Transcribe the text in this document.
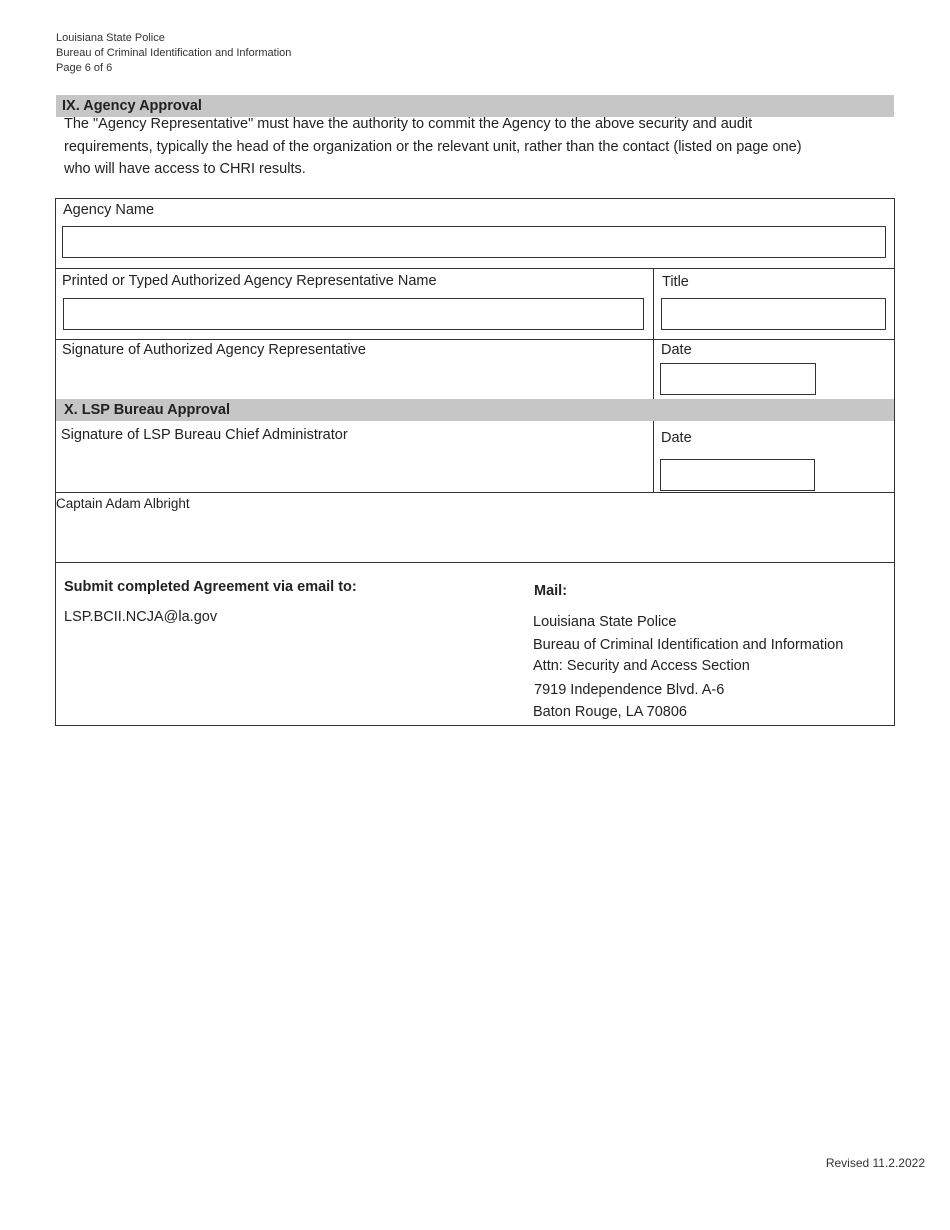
Louisiana State Police
Bureau of Criminal Identification and Information
Page 6 of 6
IX. Agency Approval
The "Agency Representative" must have the authority to commit the Agency to the above security and audit
requirements, typically the head of the organization or the relevant unit, rather than the contact (listed on page one)
who will have access to CHRI results.
Agency Name
Printed or Typed Authorized Agency Representative Name	Title
Signature of Authorized Agency Representative	Date
X. LSP Bureau Approval
Signature of LSP Bureau Chief Administrator	Date
Captain Adam Albright
Submit completed Agreement via email to:
LSP.BCII.NCJA@la.gov
Mail:
Louisiana State Police
Bureau of Criminal Identification and Information
Attn: Security and Access Section
7919 Independence Blvd. A-6
Baton Rouge, LA 70806
Revised 11.2.2022
